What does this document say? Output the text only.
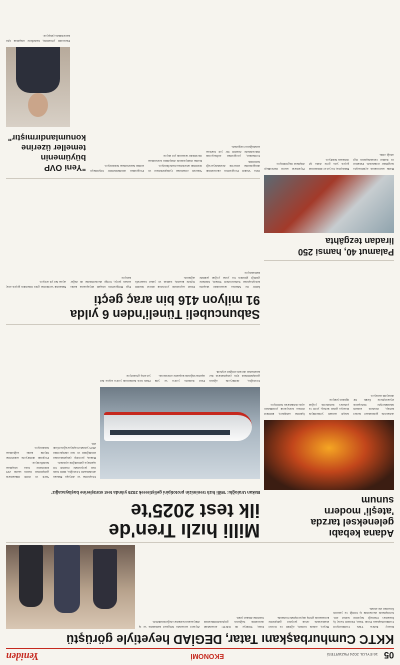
05
16 EYLÜL 2024 PAZARTESİ
EKONOMİ
Yeniden
KKTC Cumhurbaşkanı Tatar, DEGİAD heyetiyle görüştü

Kuzey Kıbrıs Türk Cumhuriyeti Cumhurbaşkanı Ersin Tatar, Denizli Genç İş İnsanları Derneği heyetini kabul etti. Görüşmede ekonomik iş birliği ve yatırım fırsatları ele alındı.

Heyet, adada turizm, eğitim ve ticaret alanlarında ortak projeler geliştirme konusunda görüş alışverişinde bulundu.

Tatar, Türkiye ile KKTC arasındaki ekonomik bağların güçlendirilmesinin önemine dikkat çekti.

Ziyaret sırasında bölgesel kalkınma ve iş dünyasının katkıları değerlendirildi.

Adana kebabı
geleneksel tarzda
'ateşli' modern
sunum

Adana'da geleneksel lezzet kebap, modern sunum teknikleriyle birleşerek ziyaretçilere farklı bir deneyim sunuyor.

Ateşli sunum yöntemiyle masaya gelen kebap, yerli ve yabancı turistlerin yoğun ilgisini çekiyor.

İşletme sahipleri, kültürel mirası koruyarak yeniliklere açık olduklarını belirtiyor.

Milli hızlı Tren'de
ilk test 2025'te
Bakan Uraloğlu: 'Milli hızlı trenimizin prototipini geliştirerek 2025 yılında test sürüşlerine başlayacağız'

Ulaştırma ve Altyapı Bakanı Abdulkadir Uraloğlu, milli hızlı tren projesinde önemli bir aşamaya gelindiğini açıkladı.

Bakan, prototip çalışmalarının sürdüğünü ve test sürüşlerinin 2025 yılında başlayacağını ifade etti.

Yerli ve milli imkanlarla geliştirilen trenin saatte 225 kilometre hıza ulaşması hedefleniyor.

Projenin demiryolu sektörüne büyük katkı sağlaması bekleniyor.

Uraloğlu, demiryolu ağının genişletilmesi için çalışmaların hız kesmeden devam ettiğini söyledi.

Yeni hatlarla yolcu ve yük taşımacılığında kapasite artırılacak.

Hızlı tren hatlarında yolcu sayısı her yıl artış gösteriyor.

Sabuncubeli Tüneli'nden 6 yılda
91 milyon 416 bin araç geçti

İzmir ile Manisa arasındaki ulaşımı kolaylaştıran Sabuncubeli Tüneli, hizmete girdiği günden bu yana yoğun şekilde kullanılıyor.

Tünel sayesinde yolculuk süresi önemli ölçüde kısaldı, zaman ve yakıt tasarrufu sağlandı.

Ege Bölgesi'nin ulaşım altyapısına katkı sunan proje, bölge ekonomisine de değer katıyor.

Bakanlık verilerine göre tünelden geçen araç sayısı her yıl artıyor.

Palamut 40, hamsi 250
liradan tezgâhta

Balık sezonunun açılmasıyla tezgâhlar renklendi. Palamut ve hamsi vatandaşların ilgi odağı oldu.

Balıkçılar, bu yıl av miktarının geçen yıla göre daha iyi olmasını bekliyor.

Fiyatların sezon ilerledikçe düşmesi öngörülüyor.

Orta Vadeli Program'ın ekonomide dengelenme sürecini destekleyeceği belirtildi.

Uzmanlar, programın enflasyonla mücadelede önemli bir yol haritası sunduğunu vurguladı.

Yatırım ortamının iyileştirilmesi ve üretimin artırılması hedefleniyor.

Kamu maliyesinde disiplinin korunması öncelikler arasında yer alıyor.

Programın sürdürülebilir büyümeye zemin hazırlaması bekleniyor.

"Yeni OVP
büyümenin
temeller üzerine
konumlandırmıştır"

Ekonomi yönetimi, hedeflere ulaşmak için kararlılıkla çalışıyor.
